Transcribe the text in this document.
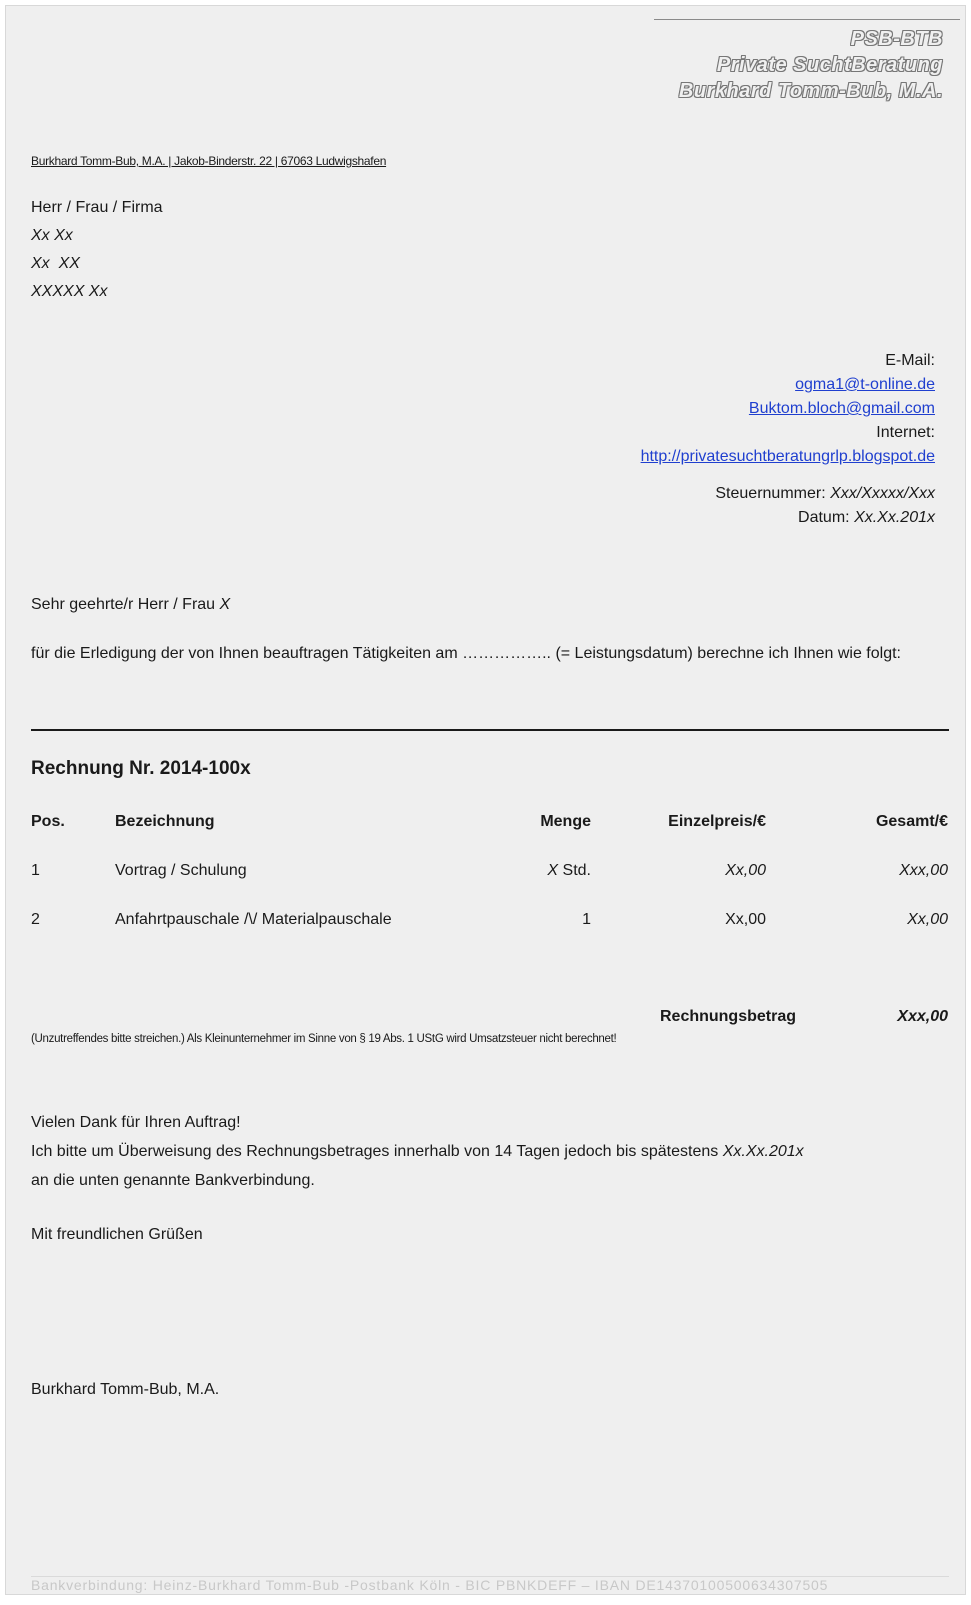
PSB-BTB
Private SuchtBeratung
Burkhard Tomm-Bub, M.A.
Burkhard Tomm-Bub, M.A. | Jakob-Binderstr. 22 | 67063 Ludwigshafen
Herr / Frau / Firma
Xx Xx
Xx  XX
XXXXX Xx
E-Mail:
ogma1@t-online.de
Buktom.bloch@gmail.com
Internet:
http://privatesuchtberatungrlp.blogspot.de
Steuernummer: Xxx/Xxxxx/Xxx
Datum: Xx.Xx.201x
Sehr geehrte/r Herr / Frau X
für die Erledigung der von Ihnen beauftragen Tätigkeiten am …………….. (= Leistungsdatum) berechne ich Ihnen wie folgt:
Rechnung Nr. 2014-100x
Pos.	Bezeichnung	Menge	Einzelpreis/€	Gesamt/€
1	Vortrag / Schulung	X Std.	Xx,00	Xxx,00
2	Anfahrtpauschale /\/ Materialpauschale	1	Xx,00	Xx,00
Rechnungsbetrag	Xxx,00
(Unzutreffendes bitte streichen.) Als Kleinunternehmer im Sinne von § 19 Abs. 1 UStG wird Umsatzsteuer nicht berechnet!
Vielen Dank für Ihren Auftrag!
Ich bitte um Überweisung des Rechnungsbetrages innerhalb von 14 Tagen jedoch bis spätestens Xx.Xx.201x
an die unten genannte Bankverbindung.
Mit freundlichen Grüßen
Burkhard Tomm-Bub, M.A.
Bankverbindung: Heinz-Burkhard Tomm-Bub -Postbank Köln - BIC PBNKDEFF – IBAN DE14370100500634307505
